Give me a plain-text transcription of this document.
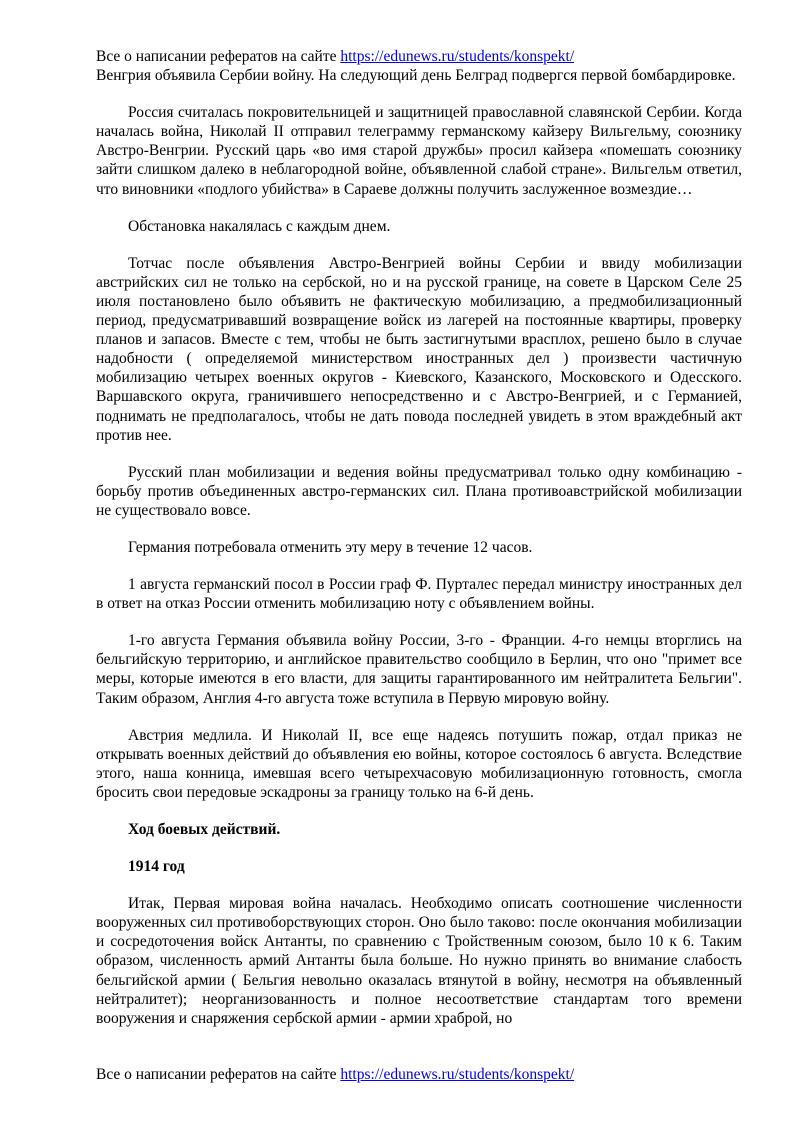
Все о написании рефератов на сайте https://edunews.ru/students/konspekt/

Венгрия объявила Сербии войну. На следующий день Белград подвергся первой бомбардировке.

Россия считалась покровительницей и защитницей православной славянской Сербии. Когда началась война, Николай II отправил телеграмму германскому кайзеру Вильгельму, союзнику Австро-Венгрии. Русский царь «во имя старой дружбы» просил кайзера «помешать союзнику зайти слишком далеко в неблагородной войне, объявленной слабой стране». Вильгельм ответил, что виновники «подлого убийства» в Сараеве должны получить заслуженное возмездие…

Обстановка накалялась с каждым днем.

Тотчас после объявления Австро-Венгрией войны Сербии и ввиду мобилизации австрийских сил не только на сербской, но и на русской границе, на совете в Царском Селе 25 июля постановлено было объявить не фактическую мобилизацию, а предмобилизационный период, предусматривавший возвращение войск из лагерей на постоянные квартиры, проверку планов и запасов. Вместе с тем, чтобы не быть застигнутыми врасплох, решено было в случае надобности ( определяемой министерством иностранных дел ) произвести частичную мобилизацию четырех военных округов - Киевского, Казанского, Московского и Одесского. Варшавского округа, граничившего непосредственно и с Австро-Венгрией, и с Германией, поднимать не предполагалось, чтобы не дать повода последней увидеть в этом враждебный акт против нее.

Русский план мобилизации и ведения войны предусматривал только одну комбинацию - борьбу против объединенных австро-германских сил. Плана противоавстрийской мобилизации не существовало вовсе.

Германия потребовала отменить эту меру в течение 12 часов.

1 августа германский посол в России граф Ф. Пурталес передал министру иностранных дел в ответ на отказ России отменить мобилизацию ноту с объявлением войны.

1-го августа Германия объявила войну России, 3-го - Франции. 4-го немцы вторглись на бельгийскую территорию, и английское правительство сообщило в Берлин, что оно "примет все меры, которые имеются в его власти, для защиты гарантированного им нейтралитета Бельгии". Таким образом, Англия 4-го августа тоже вступила в Первую мировую войну.

Австрия медлила. И Николай II, все еще надеясь потушить пожар, отдал приказ не открывать военных действий до объявления ею войны, которое состоялось 6 августа. Вследствие этого, наша конница, имевшая всего четырехчасовую мобилизационную готовность, смогла бросить свои передовые эскадроны за границу только на 6-й день.

Ход боевых действий.
1914 год

Итак, Первая мировая война началась. Необходимо описать соотношение численности вооруженных сил противоборствующих сторон. Оно было таково: после окончания мобилизации и сосредоточения войск Антанты, по сравнению с Тройственным союзом, было 10 к 6. Таким образом, численность армий Антанты была больше. Но нужно принять во внимание слабость бельгийской армии ( Бельгия невольно оказалась втянутой в войну, несмотря на объявленный нейтралитет); неорганизованность и полное несоответствие стандартам того времени вооружения и снаряжения сербской армии - армии храброй, но

Все о написании рефератов на сайте https://edunews.ru/students/konspekt/
